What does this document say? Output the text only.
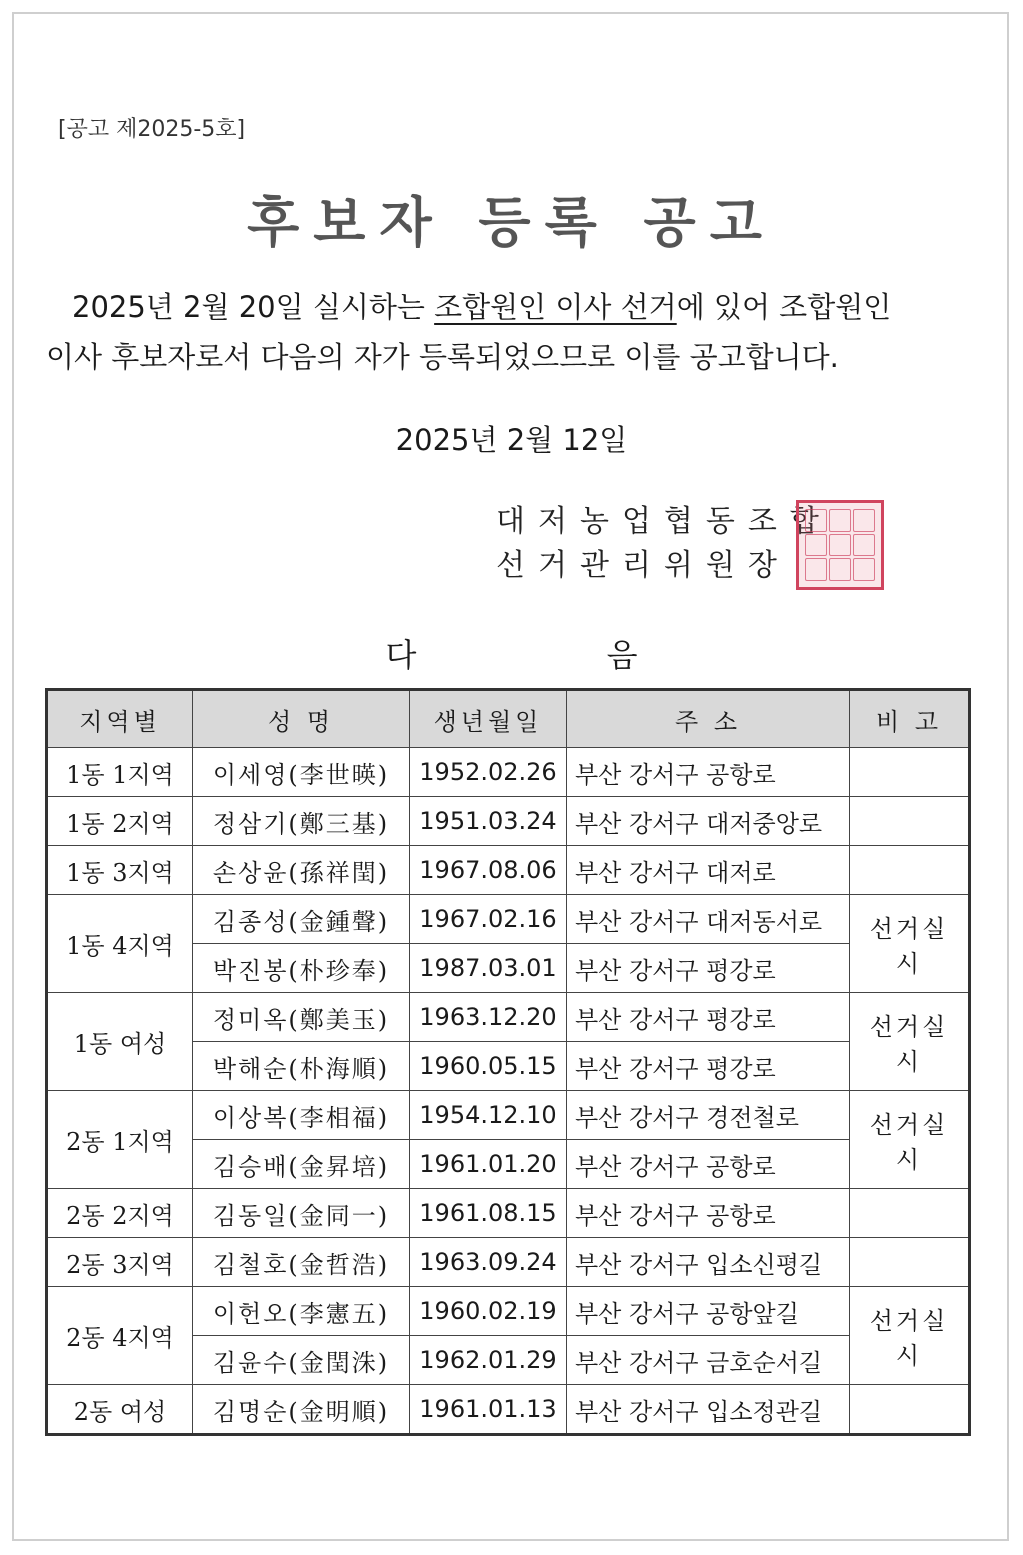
[공고 제2025-5호]
후보자 등록 공고
2025년 2월 20일 실시하는 조합원인 이사 선거에 있어 조합원인
이사 후보자로서 다음의 자가 등록되었으므로 이를 공고합니다.
2025년 2월 12일
대저농업협동조합
선거관리위원장
다 음
지역별	성 명	생년월일	주 소	비 고
1동 1지역	이세영(李世暎)	1952.02.26	부산 강서구 공항로	
1동 2지역	정삼기(鄭三基)	1951.03.24	부산 강서구 대저중앙로	
1동 3지역	손상윤(孫祥閏)	1967.08.06	부산 강서구 대저로	
1동 4지역	김종성(金鍾聲)	1967.02.16	부산 강서구 대저동서로	선거실시
	박진봉(朴珍奉)	1987.03.01	부산 강서구 평강로	
1동 여성	정미옥(鄭美玉)	1963.12.20	부산 강서구 평강로	선거실시
	박해순(朴海順)	1960.05.15	부산 강서구 평강로	
2동 1지역	이상복(李相福)	1954.12.10	부산 강서구 경전철로	선거실시
	김승배(金昇培)	1961.01.20	부산 강서구 공항로	
2동 2지역	김동일(金同一)	1961.08.15	부산 강서구 공항로	
2동 3지역	김철호(金哲浩)	1963.09.24	부산 강서구 입소신평길	
2동 4지역	이헌오(李憲五)	1960.02.19	부산 강서구 공항앞길	선거실시
	김윤수(金閏洙)	1962.01.29	부산 강서구 금호순서길	
2동 여성	김명순(金明順)	1961.01.13	부산 강서구 입소정관길	
